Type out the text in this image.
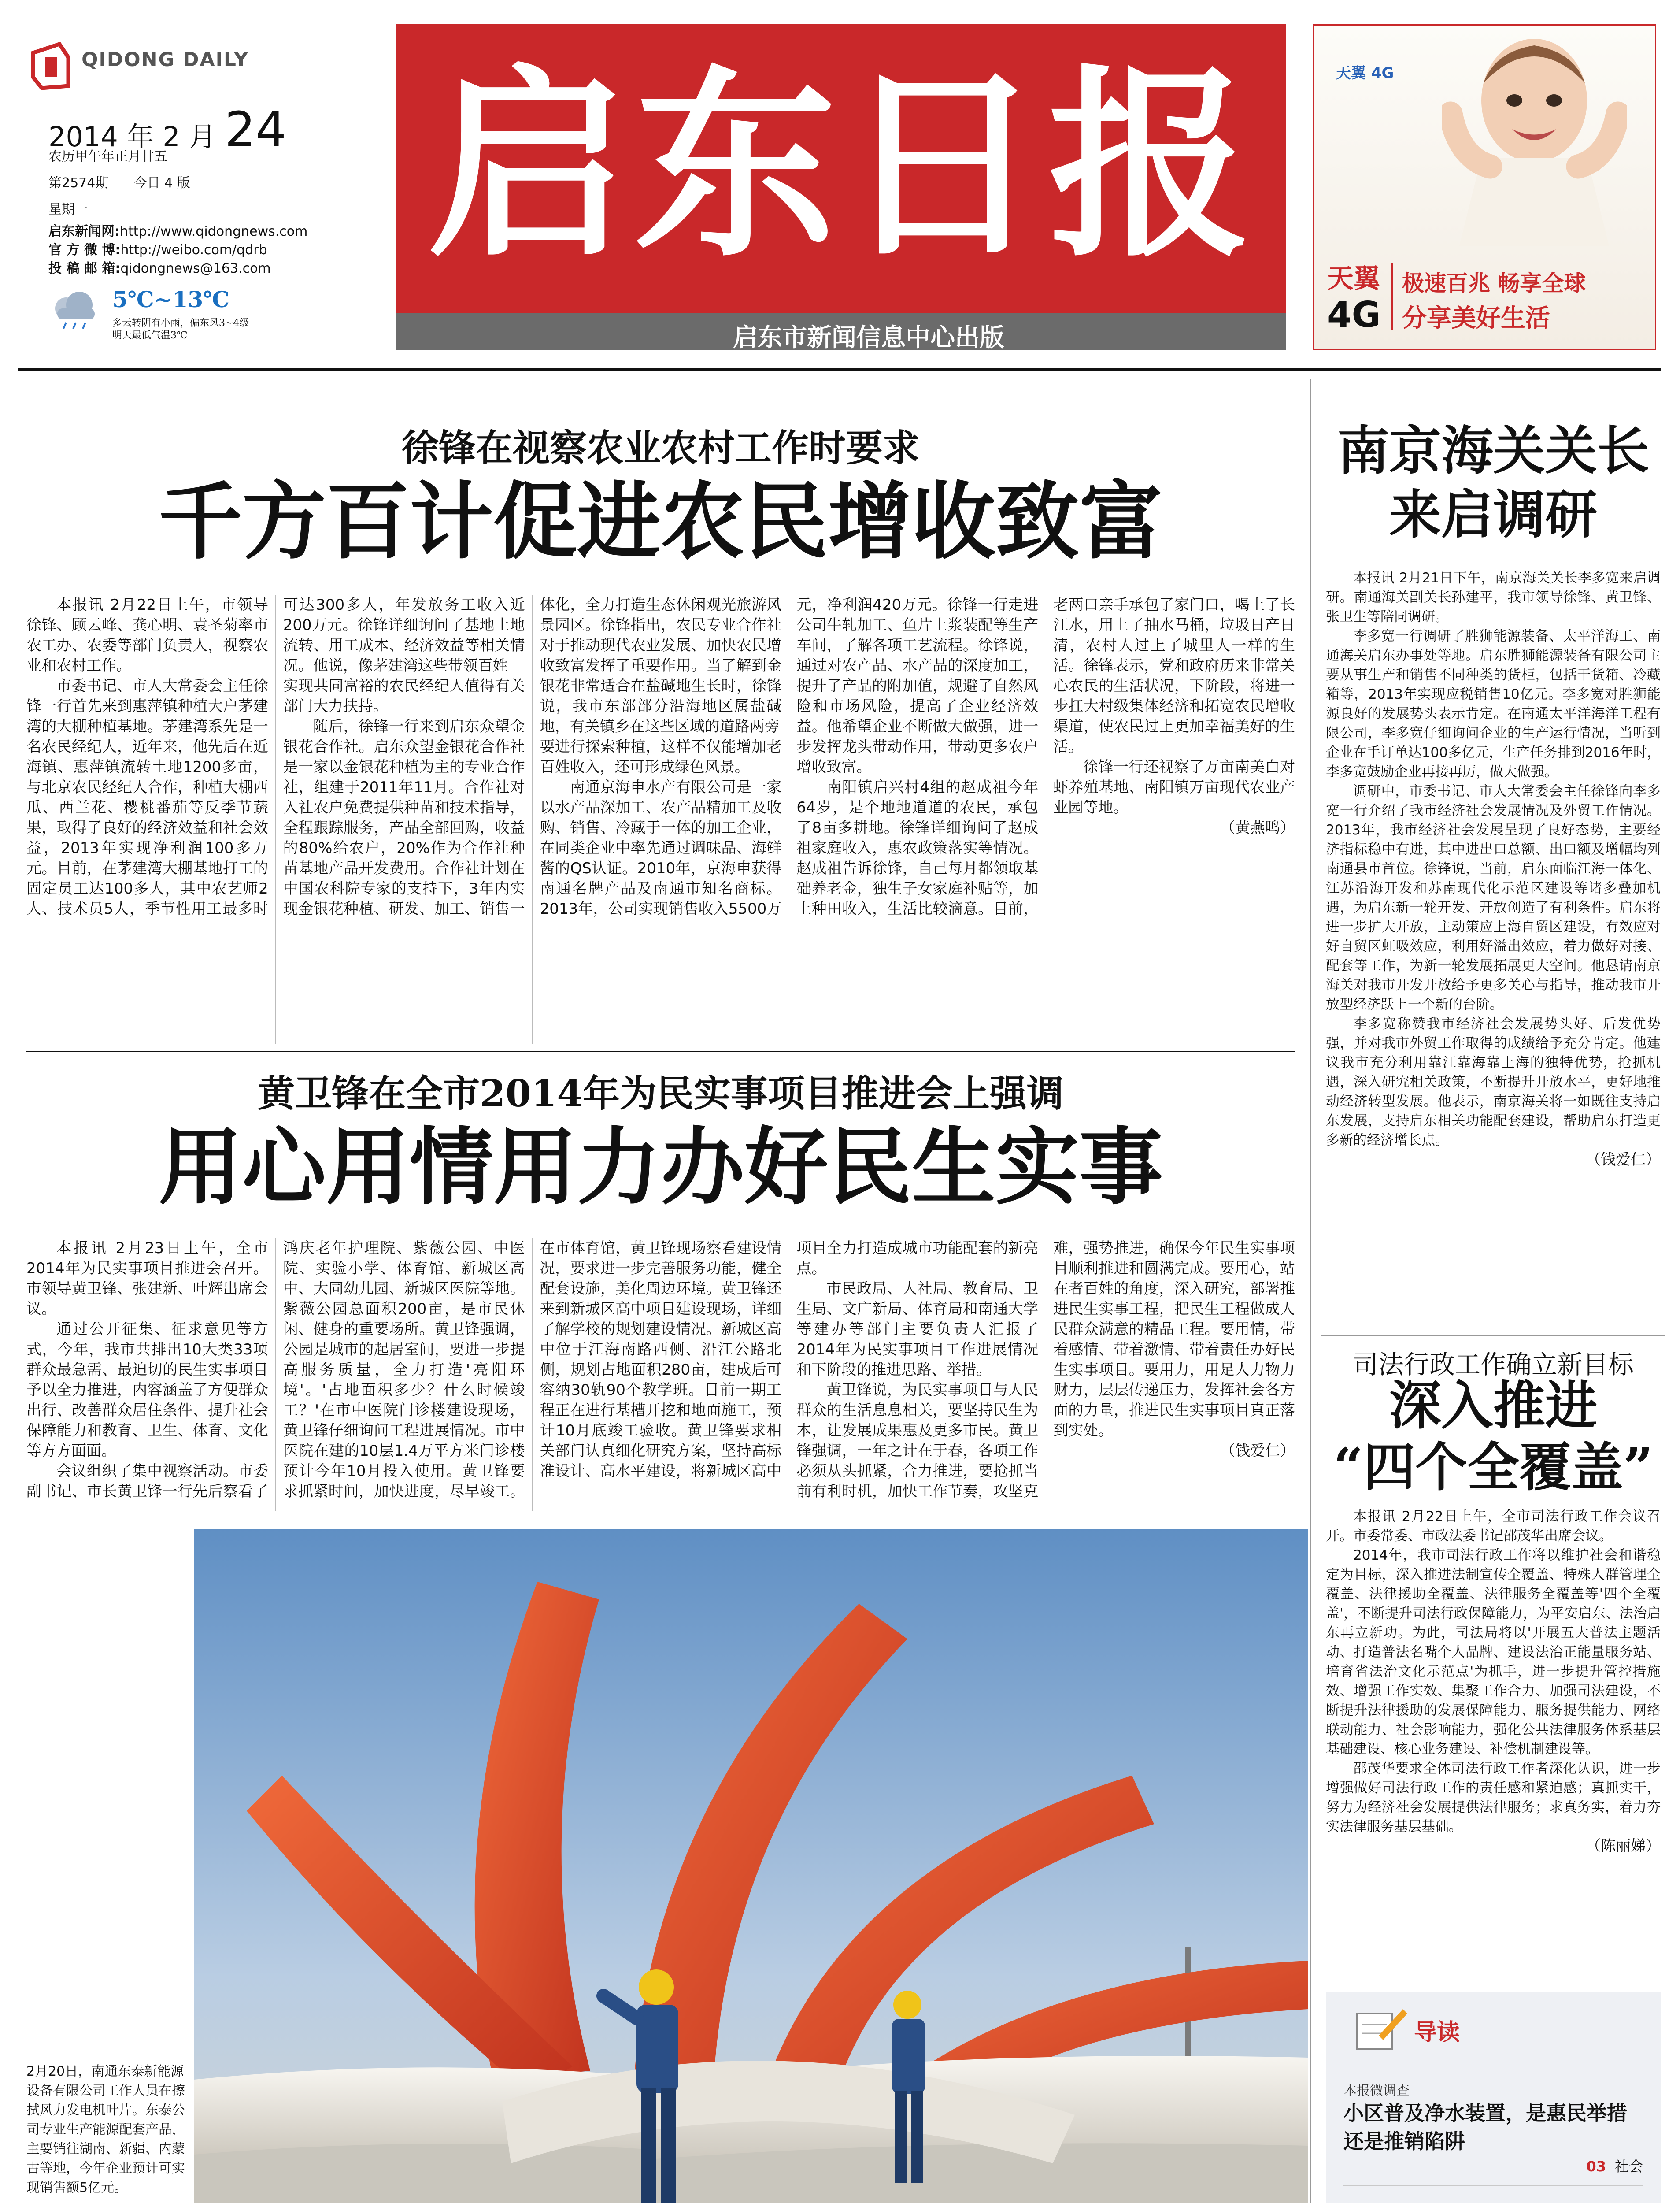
QIDONG DAILY
2014 年 2 月 24
农历甲午年正月廿五
第2574期 今日 4 版
星期一
启东新闻网:http://www.qidongnews.com
官 方 微 博:http://weibo.com/qdrb
投 稿 邮 箱:qidongnews@163.com
5℃~13℃
多云转阴有小雨，偏东风3~4级
明天最低气温3℃
启东日报
启东市新闻信息中心出版
天翼 4G
天翼
4G
极速百兆 畅享全球
分享美好生活
徐锋在视察农业农村工作时要求
千方百计促进农民增收致富

本报讯 2月22日上午，市领导徐锋、顾云峰、龚心明、袁圣菊率市农工办、农委等部门负责人，视察农业和农村工作。

市委书记、市人大常委会主任徐锋一行首先来到惠萍镇种植大户茅建湾的大棚种植基地。茅建湾系先是一名农民经纪人，近年来，他先后在近海镇、惠萍镇流转土地1200多亩，与北京农民经纪人合作，种植大棚西瓜、西兰花、樱桃番茄等反季节蔬果，取得了良好的经济效益和社会效益，2013年实现净利润100多万元。目前，在茅建湾大棚基地打工的固定员工达100多人，其中农艺师2人、技术员5人，季节性用工最多时可达300多人，年发放务工收入近200万元。徐锋详细询问了基地土地流转、用工成本、经济效益等相关情况。他说，像茅建湾这些带领百姓

实现共同富裕的农民经纪人值得有关部门大力扶持。

随后，徐锋一行来到启东众望金银花合作社。启东众望金银花合作社是一家以金银花种植为主的专业合作社，组建于2011年11月。合作社对入社农户免费提供种苗和技术指导，全程跟踪服务，产品全部回购，收益的80%给农户，20%作为合作社种苗基地产品开发费用。合作社计划在中国农科院专家的支持下，3年内实现金银花种植、研发、加工、销售一体化，全力打造生态休闲观光旅游风景园区。徐锋指出，农民专业合作社对于推动现代农业发展、加快农民增收致富发挥了重要作用。当了解到金银花非常适合在盐碱地生长时，徐锋说，我市东部部分沿海地区属盐碱地，有关镇乡在这些区域的道路两旁

要进行探索种植，这样不仅能增加老百姓收入，还可形成绿色风景。

南通京海申水产有限公司是一家以水产品深加工、农产品精加工及收购、销售、冷藏于一体的加工企业，在同类企业中率先通过调味品、海鲜酱的QS认证。2010年，京海申获得南通名牌产品及南通市知名商标。2013年，公司实现销售收入5500万元，净利润420万元。徐锋一行走进公司牛轧加工、鱼片上浆装配等生产车间，了解各项工艺流程。徐锋说，通过对农产品、水产品的深度加工，提升了产品的附加值，规避了自然风险和市场风险，提高了企业经济效益。他希望企业不断做大做强，进一步发挥龙头带动作用，带动更多农户增收致富。

南阳镇启兴村4组的赵成祖今年64岁，是个地地道道的农民，承包了8亩多耕地。徐锋详细询问了赵成祖家庭收入，惠农政策落实等情况。赵成祖告诉徐锋，自己每月都领取基础养老金，独生子女家庭补贴等，加上种田收入，生活比较滴意。目前，老两口亲手承包了家门口，喝上了长江水，用上了抽水马桶，垃圾日产日清，农村人过上了城里人一样的生活。徐锋表示，党和政府历来非常关心农民的生活状况，下阶段，将进一步扛大村级集体经济和拓宽农民增收渠道，使农民过上更加幸福美好的生活。

徐锋一行还视察了万亩南美白对虾养殖基地、南阳镇万亩现代农业产业园等地。

（黄燕鸣）
黄卫锋在全市2014年为民实事项目推进会上强调
用心用情用力办好民生实事

本报讯 2月23日上午，全市2014年为民实事项目推进会召开。市领导黄卫锋、张建新、叶辉出席会议。

通过公开征集、征求意见等方式，今年，我市共排出10大类33项群众最急需、最迫切的民生实事项目予以全力推进，内容涵盖了方便群众出行、改善群众居住条件、提升社会保障能力和教育、卫生、体育、文化等方方面面。

会议组织了集中视察活动。市委副书记、市长黄卫锋一行先后察看了鸿庆老年护理院、紫薇公园、中医院、实验小学、体育馆、新城区高中、大同幼儿园、新城区医院等地。紫薇公园总面积200亩，是市民休闲、健身的重要场所。黄卫锋强调，公园是城市的起居室间，要进一步提高服务质量，全力打造'亮阳环境'。'占地面积多少？什么时候竣工？'在市中医院门诊楼建设现场，黄卫锋仔细询问工程进展情况。市中医院在建的10层1.4万平方米门诊楼预计今年10月投入使用。黄卫锋要求抓紧时间，加快进度，尽早竣工。在市体育馆，黄卫锋现场察看建设情况，要求进一步完善服务功能，健全配套设施，美化周边环境。黄卫锋还来到新城区高中项目建设现场，详细了解学校的规划建设情况。新城区高中位于江海南路西侧、沿江公路北侧，规划占地面积280亩，建成后可容纳30轨90个教学班。目前一期工程正在进行基槽开挖和地面施工，预计10月底竣工验收。黄卫锋要求相关部门认真细化研究方案，坚持高标准设计、高水平建设，将新城区高中项目全力打造成城市功能配套的新亮点。

市民政局、人社局、教育局、卫生局、文广新局、体育局和南通大学等建办等部门主要负责人汇报了2014年为民实事项目工作进展情况和下阶段的推进思路、举措。

黄卫锋说，为民实事项目与人民群众的生活息息相关，要坚持民生为本，让发展成果惠及更多市民。黄卫锋强调，一年之计在于春，各项工作必须从头抓紧，合力推进，要抢抓当前有利时机，加快工作节奏，攻坚克难，强势推进，确保今年民生实事项目顺利推进和圆满完成。要用心，站在者百姓的角度，深入研究，部署推进民生实事工程，把民生工程做成人民群众满意的精品工程。要用情，带着感情、带着激情、带着责任办好民生实事项目。要用力，用足人力物力财力，层层传递压力，发挥社会各方面的力量，推进民生实事项目真正落到实处。

（钱爱仁）
2月20日，南通东泰新能源设备有限公司工作人员在擦拭风力发电机叶片。东泰公司专业生产能源配套产品，主要销往湖南、新疆、内蒙古等地，今年企业预计可实现销售额5亿元。

南京海关关长来启调研

本报讯 2月21日下午，南京海关关长李多宽来启调研。南通海关副关长孙建平，我市领导徐锋、黄卫锋、张卫生等陪同调研。

李多宽一行调研了胜狮能源装备、太平洋海工、南通海关启东办事处等地。启东胜狮能源装备有限公司主要从事生产和销售不同种类的货柜，包括干货箱、冷藏箱等，2013年实现应税销售10亿元。李多宽对胜狮能源良好的发展势头表示肯定。在南通太平洋海洋工程有限公司，李多宽仔细询问企业的生产运行情况，当听到企业在手订单达100多亿元，生产任务排到2016年时，李多宽鼓励企业再接再厉，做大做强。

调研中，市委书记、市人大常委会主任徐锋向李多宽一行介绍了我市经济社会发展情况及外贸工作情况。2013年，我市经济社会发展呈现了良好态势，主要经济指标稳中有进，其中进出口总额、出口额及增幅均列南通县市首位。徐锋说，当前，启东面临江海一体化、江苏沿海开发和苏南现代化示范区建设等诸多叠加机遇，为启东新一轮开发、开放创造了有利条件。启东将进一步扩大开放，主动策应上海自贸区建设，有效应对好自贸区虹吸效应，利用好溢出效应，着力做好对接、配套等工作，为新一轮发展拓展更大空间。他恳请南京海关对我市开发开放给予更多关心与指导，推动我市开放型经济跃上一个新的台阶。

李多宽称赞我市经济社会发展势头好、后发优势强，并对我市外贸工作取得的成绩给予充分肯定。他建议我市充分利用靠江靠海靠上海的独特优势，抢抓机遇，深入研究相关政策，不断提升开放水平，更好地推动经济转型发展。他表示，南京海关将一如既往支持启东发展，支持启东相关功能配套建设，帮助启东打造更多新的经济增长点。

（钱爱仁）
司法行政工作确立新目标
深入推进
“四个全覆盖”

本报讯 2月22日上午，全市司法行政工作会议召开。市委常委、市政法委书记邵茂华出席会议。

2014年，我市司法行政工作将以维护社会和谐稳定为目标，深入推进法制宣传全覆盖、特殊人群管理全覆盖、法律援助全覆盖、法律服务全覆盖等'四个全覆盖'，不断提升司法行政保障能力，为平安启东、法治启东再立新功。为此，司法局将以'开展五大普法主题活动、打造普法名嘴个人品牌、建设法治正能量服务站、培育省法治文化示范点'为抓手，进一步提升管控措施效、增强工作实效、集聚工作合力、加强司法建设，不断提升法律援助的发展保障能力、服务提供能力、网络联动能力、社会影响能力，强化公共法律服务体系基层基础建设、核心业务建设、补偿机制建设等。

邵茂华要求全体司法行政工作者深化认识，进一步增强做好司法行政工作的责任感和紧迫感；真抓实干，努力为经济社会发展提供法律服务；求真务实，着力夯实法律服务基层基础。

（陈丽娣）
导读
本报微调查
小区普及净水装置，是惠民举措还是推销陷阱
03 社会
